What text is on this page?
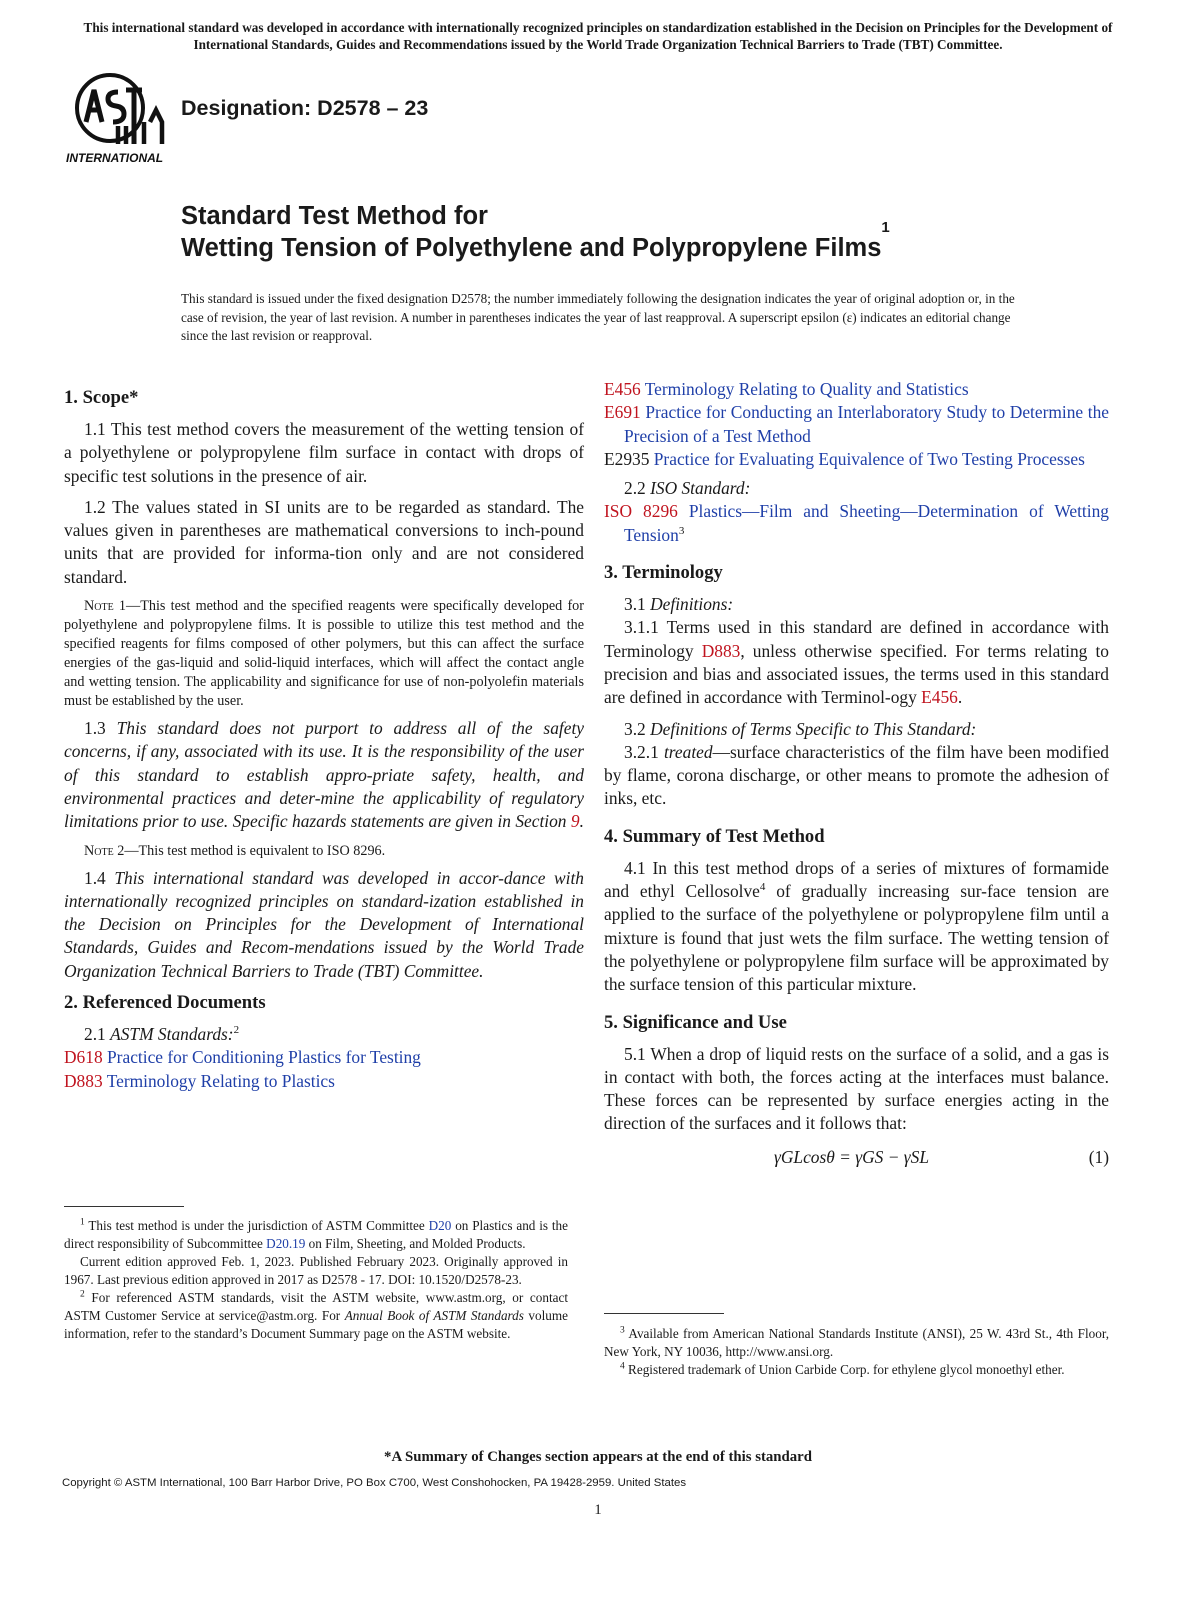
This international standard was developed in accordance with internationally recognized principles on standardization established in the Decision on Principles for the Development of International Standards, Guides and Recommendations issued by the World Trade Organization Technical Barriers to Trade (TBT) Committee.
INTERNATIONAL
Designation: D2578 – 23
Standard Test Method for
Wetting Tension of Polyethylene and Polypropylene Films$^1$
This standard is issued under the fixed designation D2578; the number immediately following the designation indicates the year of original adoption or, in the case of revision, the year of last revision. A number in parentheses indicates the year of last reapproval. A superscript epsilon (ε) indicates an editorial change since the last revision or reapproval.
1. Scope*

1.1 This test method covers the measurement of the wetting tension of a polyethylene or polypropylene film surface in contact with drops of specific test solutions in the presence of air.

1.2 The values stated in SI units are to be regarded as standard. The values given in parentheses are mathematical conversions to inch-pound units that are provided for informa-tion only and are not considered standard.

Note 1—This test method and the specified reagents were specifically developed for polyethylene and polypropylene films. It is possible to utilize this test method and the specified reagents for films composed of other polymers, but this can affect the surface energies of the gas-liquid and solid-liquid interfaces, which will affect the contact angle and wetting tension. The applicability and significance for use of non-polyolefin materials must be established by the user.

1.3 This standard does not purport to address all of the safety concerns, if any, associated with its use. It is the responsibility of the user of this standard to establish appro-priate safety, health, and environmental practices and deter-mine the applicability of regulatory limitations prior to use. Specific hazards statements are given in Section 9.

Note 2—This test method is equivalent to ISO 8296.

1.4 This international standard was developed in accor-dance with internationally recognized principles on standard-ization established in the Decision on Principles for the Development of International Standards, Guides and Recom-mendations issued by the World Trade Organization Technical Barriers to Trade (TBT) Committee.

2. Referenced Documents

2.1 ASTM Standards:$^2$

D618 Practice for Conditioning Plastics for Testing

D883 Terminology Relating to Plastics

$^1$ This test method is under the jurisdiction of ASTM Committee D20 on Plastics and is the direct responsibility of Subcommittee D20.19 on Film, Sheeting, and Molded Products.

Current edition approved Feb. 1, 2023. Published February 2023. Originally approved in 1967. Last previous edition approved in 2017 as D2578 - 17. DOI: 10.1520/D2578-23.

$^2$ For referenced ASTM standards, visit the ASTM website, www.astm.org, or contact ASTM Customer Service at service@astm.org. For Annual Book of ASTM Standards volume information, refer to the standard’s Document Summary page on the ASTM website.

E456 Terminology Relating to Quality and Statistics

E691 Practice for Conducting an Interlaboratory Study to Determine the Precision of a Test Method

E2935 Practice for Evaluating Equivalence of Two Testing Processes

2.2 ISO Standard:

ISO 8296 Plastics—Film and Sheeting—Determination of Wetting Tension$^3$

3. Terminology

3.1 Definitions:

3.1.1 Terms used in this standard are defined in accordance with Terminology D883, unless otherwise specified. For terms relating to precision and bias and associated issues, the terms used in this standard are defined in accordance with Terminol-ogy E456.

3.2 Definitions of Terms Specific to This Standard:

3.2.1 treated—surface characteristics of the film have been modified by flame, corona discharge, or other means to promote the adhesion of inks, etc.

4. Summary of Test Method

4.1 In this test method drops of a series of mixtures of formamide and ethyl Cellosolve$^4$ of gradually increasing sur-face tension are applied to the surface of the polyethylene or polypropylene film until a mixture is found that just wets the film surface. The wetting tension of the polyethylene or polypropylene film surface will be approximated by the surface tension of this particular mixture.

5. Significance and Use

5.1 When a drop of liquid rests on the surface of a solid, and a gas is in contact with both, the forces acting at the interfaces must balance. These forces can be represented by surface energies acting in the direction of the surfaces and it follows that:

γGLcosθ = γGS − γSL	(1)

$^3$ Available from American National Standards Institute (ANSI), 25 W. 43rd St., 4th Floor, New York, NY 10036, http://www.ansi.org.

$^4$ Registered trademark of Union Carbide Corp. for ethylene glycol monoethyl ether.

*A Summary of Changes section appears at the end of this standard
Copyright © ASTM International, 100 Barr Harbor Drive, PO Box C700, West Conshohocken, PA 19428-2959. United States
1
